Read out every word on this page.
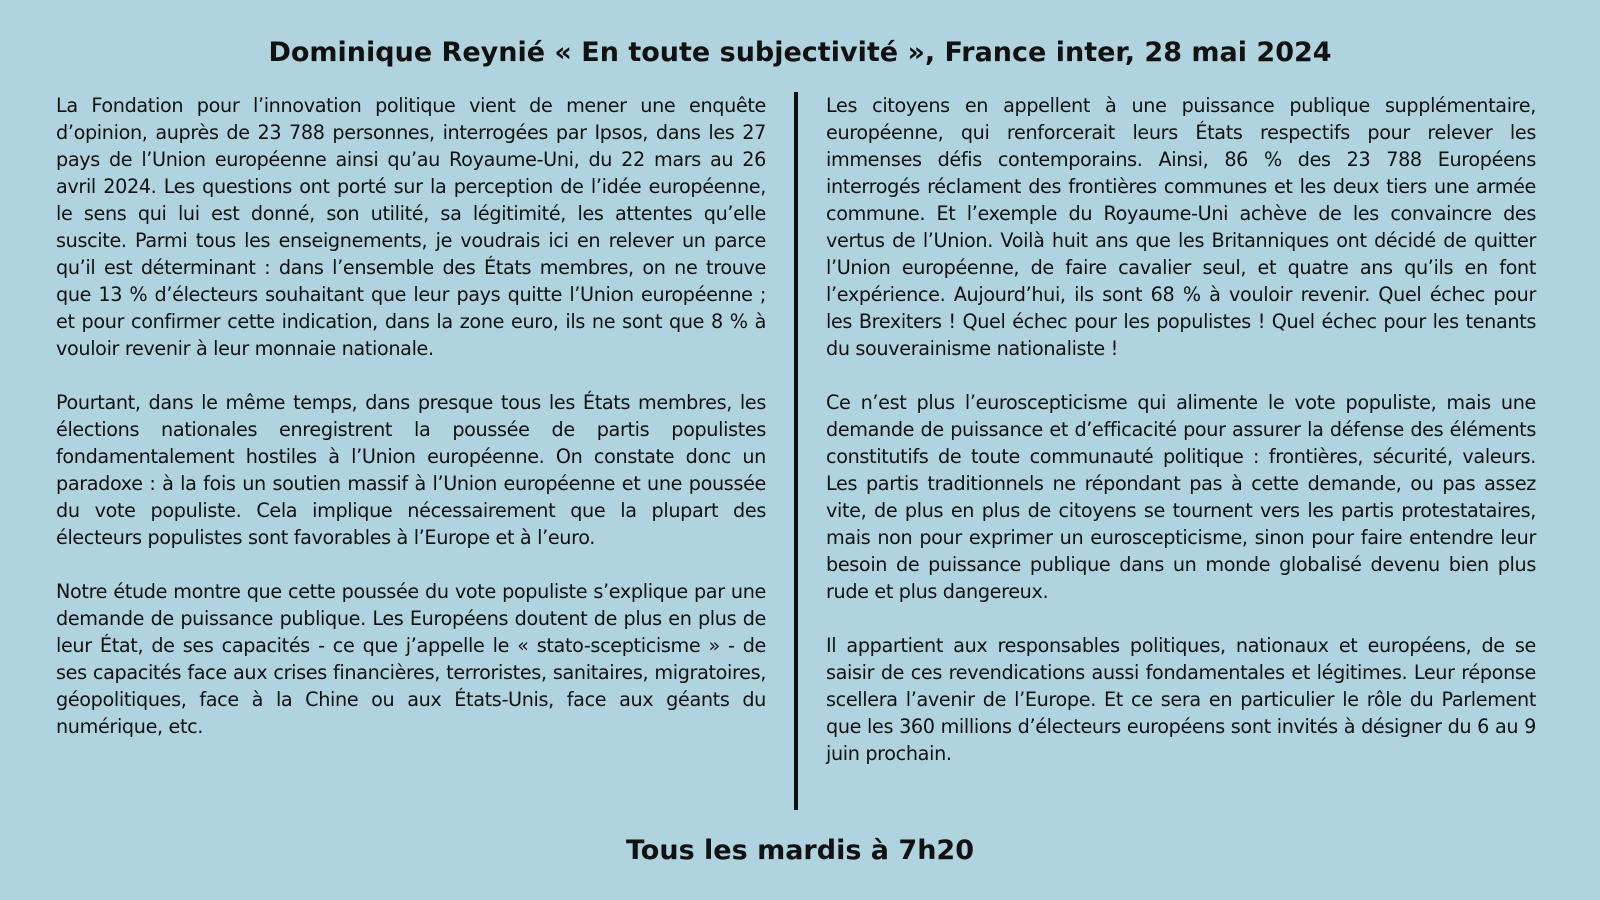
Dominique Reynié « En toute subjectivité », France inter, 28 mai 2024

La Fondation pour l’innovation politique vient de mener une enquête d’opinion, auprès de 23 788 personnes, interrogées par Ipsos, dans les 27 pays de l’Union européenne ainsi qu’au Royaume-Uni, du 22 mars au 26 avril 2024. Les questions ont porté sur la perception de l’idée européenne, le sens qui lui est donné, son utilité, sa légitimité, les attentes qu’elle suscite. Parmi tous les enseignements, je voudrais ici en relever un parce qu’il est déterminant : dans l’ensemble des États membres, on ne trouve que 13 % d’électeurs souhaitant que leur pays quitte l’Union européenne ; et pour confirmer cette indication, dans la zone euro, ils ne sont que 8 % à vouloir revenir à leur monnaie nationale.

Pourtant, dans le même temps, dans presque tous les États membres, les élections nationales enregistrent la poussée de partis populistes fondamentalement hostiles à l’Union européenne. On constate donc un paradoxe : à la fois un soutien massif à l’Union européenne et une poussée du vote populiste. Cela implique nécessairement que la plupart des électeurs populistes sont favorables à l’Europe et à l’euro.

Notre étude montre que cette poussée du vote populiste s’explique par une demande de puissance publique. Les Européens doutent de plus en plus de leur État, de ses capacités - ce que j’appelle le « stato-scepticisme » - de ses capacités face aux crises financières, terroristes, sanitaires, migratoires, géopolitiques, face à la Chine ou aux États-Unis, face aux géants du numérique, etc.

Les citoyens en appellent à une puissance publique supplémentaire, européenne, qui renforcerait leurs États respectifs pour relever les immenses défis contemporains. Ainsi, 86 % des 23 788 Européens interrogés réclament des frontières communes et les deux tiers une armée commune. Et l’exemple du Royaume-Uni achève de les convaincre des vertus de l’Union. Voilà huit ans que les Britanniques ont décidé de quitter l’Union européenne, de faire cavalier seul, et quatre ans qu’ils en font l’expérience. Aujourd’hui, ils sont 68 % à vouloir revenir. Quel échec pour les Brexiters ! Quel échec pour les populistes ! Quel échec pour les tenants du souverainisme nationaliste !

Ce n’est plus l’euroscepticisme qui alimente le vote populiste, mais une demande de puissance et d’efficacité pour assurer la défense des éléments constitutifs de toute communauté politique : frontières, sécurité, valeurs. Les partis traditionnels ne répondant pas à cette demande, ou pas assez vite, de plus en plus de citoyens se tournent vers les partis protestataires, mais non pour exprimer un euroscepticisme, sinon pour faire entendre leur besoin de puissance publique dans un monde globalisé devenu bien plus rude et plus dangereux.

Il appartient aux responsables politiques, nationaux et européens, de se saisir de ces revendications aussi fondamentales et légitimes. Leur réponse scellera l’avenir de l’Europe. Et ce sera en particulier le rôle du Parlement que les 360 millions d’électeurs européens sont invités à désigner du 6 au 9 juin prochain.

Tous les mardis à 7h20
